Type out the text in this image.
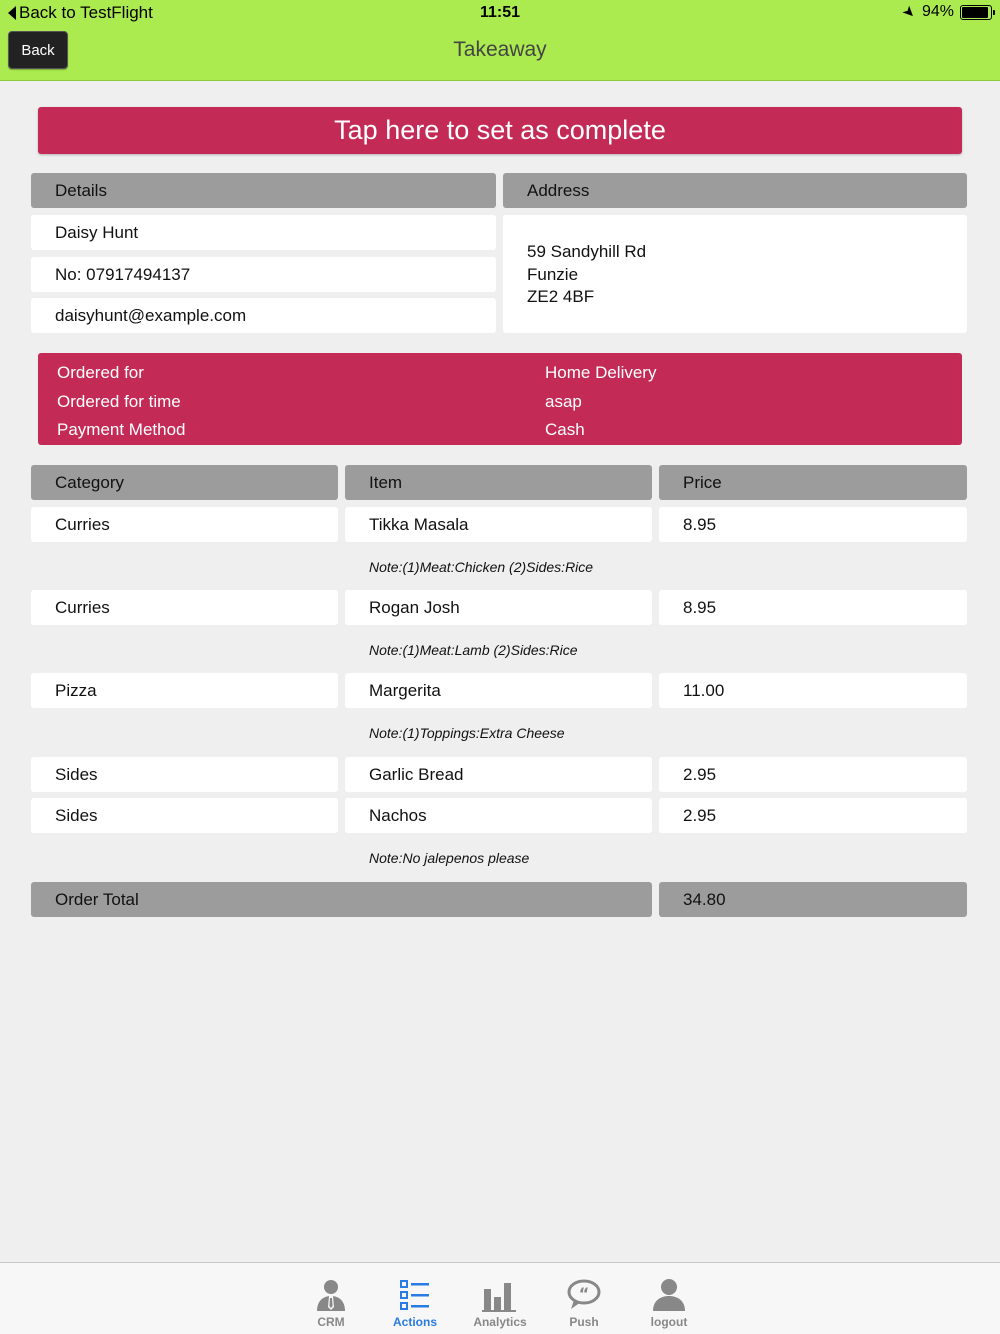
Back to TestFlight	11:51	➤ 94%
Back	Takeaway
Tap here to set as complete
Details	Address
Daisy Hunt
No: 07917494137
daisyhunt@example.com
59 Sandyhill Rd
Funzie
ZE2 4BF
Ordered for	Home Delivery
Ordered for time	asap
Payment Method	Cash
Category	Item	Price
Curries	Tikka Masala	8.95
Note:(1)Meat:Chicken (2)Sides:Rice
Curries	Rogan Josh	8.95
Note:(1)Meat:Lamb (2)Sides:Rice
Pizza	Margerita	11.00
Note:(1)Toppings:Extra Cheese
Sides	Garlic Bread	2.95
Sides	Nachos	2.95
Note:No jalepenos please
Order Total	34.80
CRM	Actions	Analytics
“
Push	logout
